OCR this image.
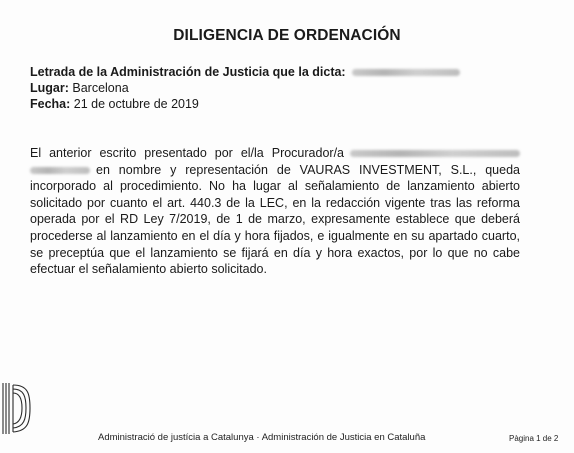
DILIGENCIA DE ORDENACIÓN
Letrada de la Administración de Justicia que la dicta:
Lugar: Barcelona
Fecha: 21 de octubre de 2019
El anterior escrito presentado por el/la Procurador/a
en nombre y representación de VAURAS INVESTMENT, S.L., queda
incorporado al procedimiento. No ha lugar al señalamiento de lanzamiento abierto
solicitado por cuanto el art. 440.3 de la LEC, en la redacción vigente tras las reforma
operada por el RD Ley 7/2019, de 1 de marzo, expresamente establece que deberá
procederse al lanzamiento en el día y hora fijados, e igualmente en su apartado cuarto,
se preceptúa que el lanzamiento se fijará en día y hora exactos, por lo que no cabe
efectuar el señalamiento abierto solicitado.
Administració de justícia a Catalunya · Administración de Justicia en Cataluña	Pàgina 1 de 2
